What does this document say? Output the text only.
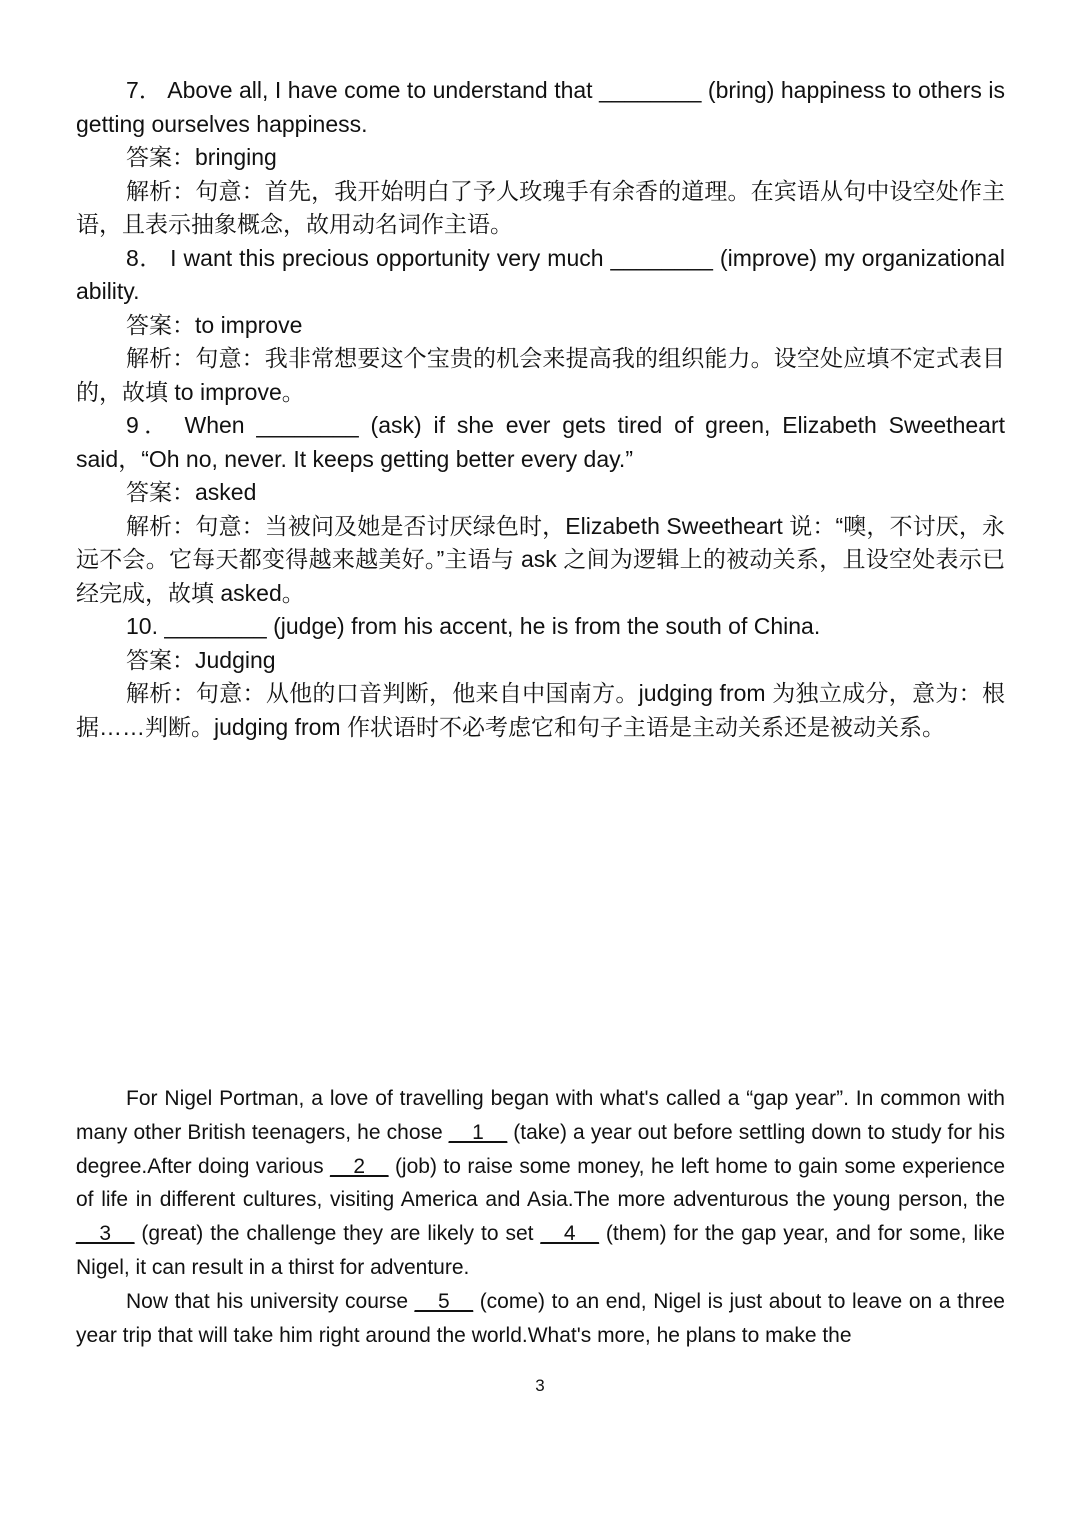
7． Above all, I have come to understand that ________ (bring) happiness to others is getting ourselves happiness.

答案：bringing

解析：句意：首先，我开始明白了予人玫瑰手有余香的道理。在宾语从句中设空处作主语，且表示抽象概念，故用动名词作主语。

8． I want this precious opportunity very much ________ (improve) my organizational ability.

答案：to improve

解析：句意：我非常想要这个宝贵的机会来提高我的组织能力。设空处应填不定式表目的，故填 to improve。

9． When ________ (ask) if she ever gets tired of green, Elizabeth Sweetheart said，“Oh no, never. It keeps getting better every day.”

答案：asked

解析：句意：当被问及她是否讨厌绿色时，Elizabeth Sweetheart 说：“噢，不讨厌，永远不会。它每天都变得越来越美好。”主语与 ask 之间为逻辑上的被动关系，且设空处表示已经完成，故填 asked。

10. ________ (judge) from his accent, he is from the south of China.

答案：Judging

解析：句意：从他的口音判断，他来自中国南方。judging from 为独立成分，意为：根据……判断。judging from 作状语时不必考虑它和句子主语是主动关系还是被动关系。

For Nigel Portman, a love of travelling began with what's called a “gap year”. In common with many other British teenagers, he chose __1__ (take) a year out before settling down to study for his degree.After doing various __2__ (job) to raise some money, he left home to gain some experience of life in different cultures, visiting America and Asia.The more adventurous the young person, the __3__ (great) the challenge they are likely to set __4__ (them) for the gap year, and for some, like Nigel, it can result in a thirst for adventure.

Now that his university course __5__ (come) to an end, Nigel is just about to leave on a three year trip that will take him right around the world.What's more, he plans to make the

3
